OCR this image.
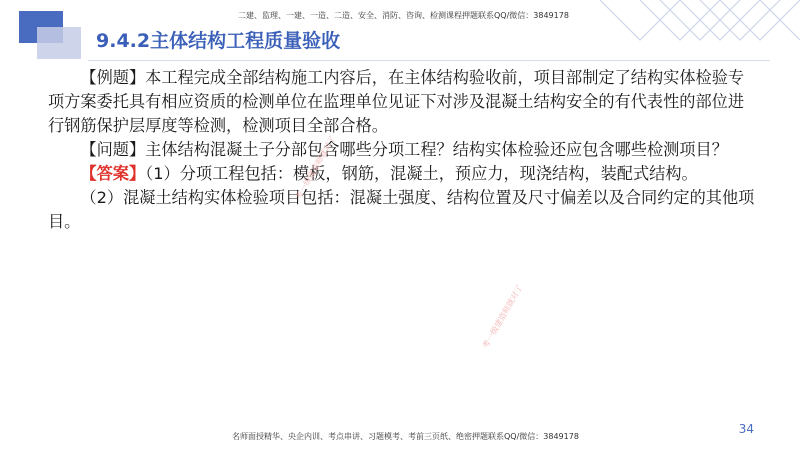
二建、监理、一建、一造、二造、安全、消防、咨询、检测课程押题联系QQ/微信：3849178
9.4.2主体结构工程质量验收

【例题】本工程完成全部结构施工内容后，在主体结构验收前，项目部制定了结构实体检验专项方案委托具有相应资质的检测单位在监理单位见证下对涉及混凝土结构安全的有代表性的部位进行钢筋保护层厚度等检测，检测项目全部合格。

【问题】主体结构混凝土子分部包含哪些分项工程？结构实体检验还应包含哪些检测项目？

【答案】（1）分项工程包括：模板，钢筋，混凝土，预应力，现浇结构，装配式结构。

（2）混凝土结构实体检验项目包括：混凝土强度、结构位置及尺寸偏差以及合同约定的其他项目。

考一级建造师就对了
考一级建造师就对了
34
名师面授精华、央企内训、考点串讲、习题模考、考前三页纸、绝密押题联系QQ/微信：3849178
